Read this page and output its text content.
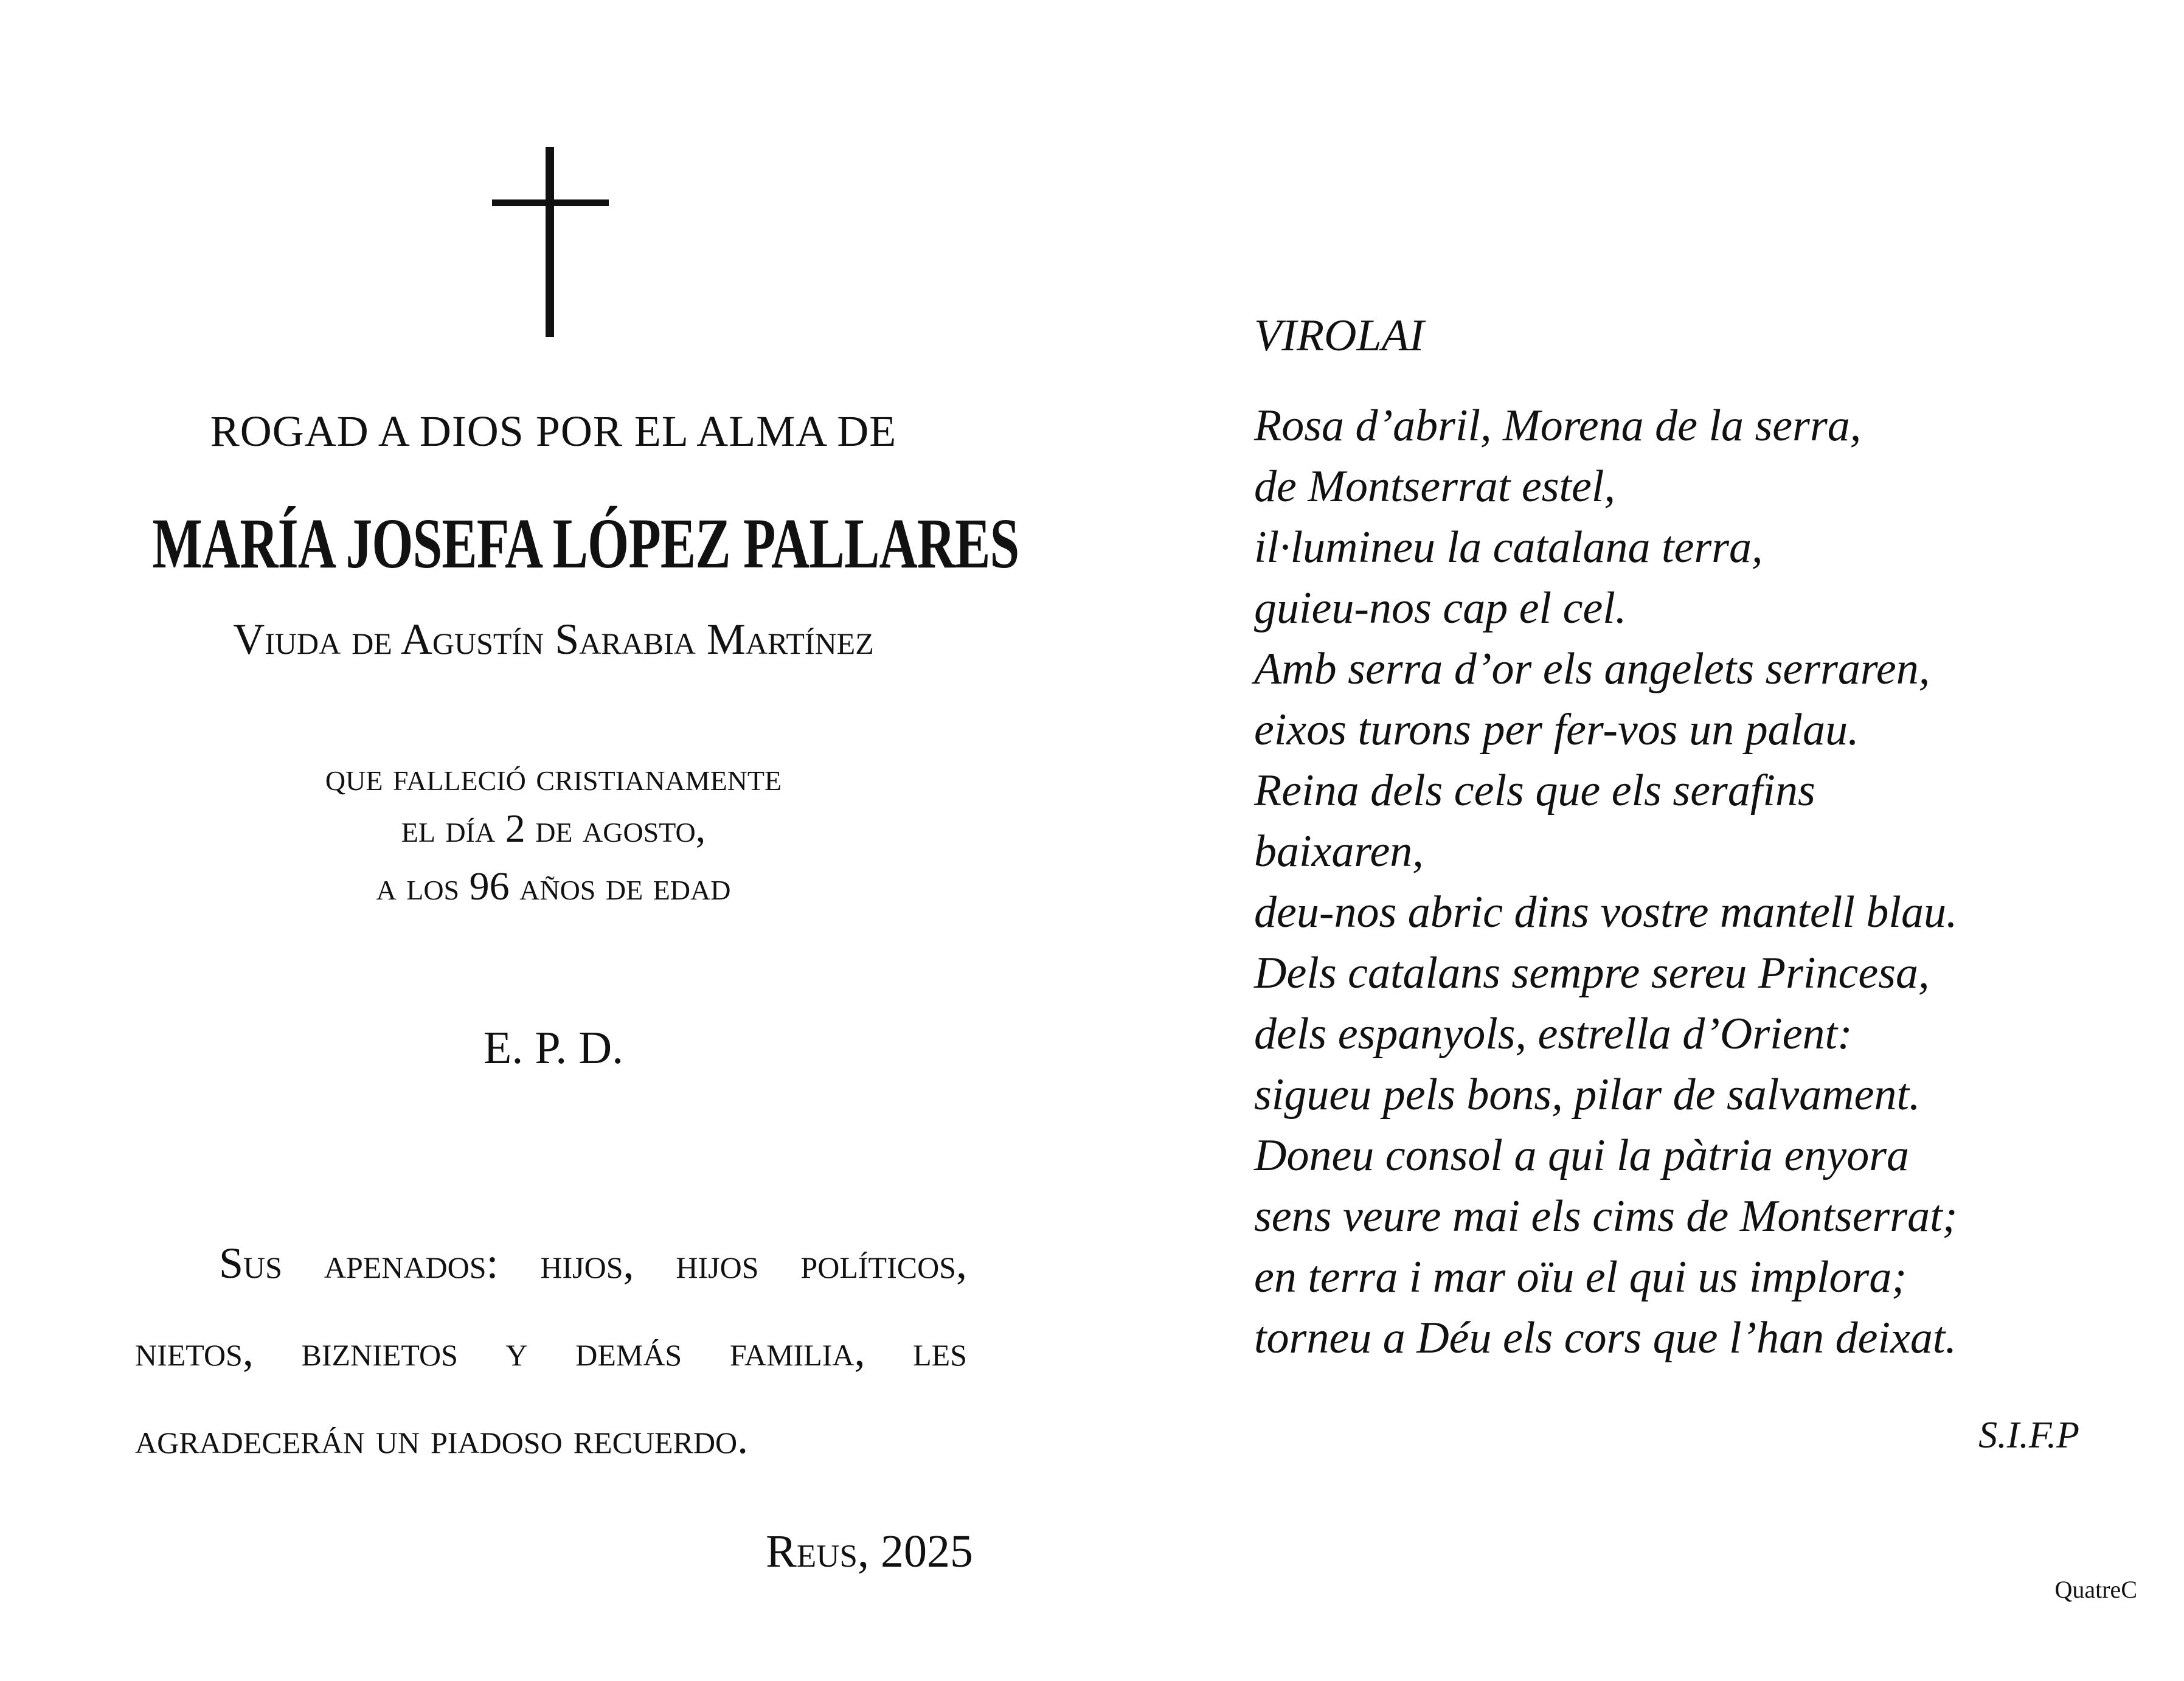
ROGAD A DIOS POR EL ALMA DE
MARÍA JOSEFA LÓPEZ PALLARES
Viuda de Agustín Sarabia Martínez
que falleció cristianamente
el día 2 de agosto,
a los 96 años de edad
E. P. D.

Sus apenados: hijos, hijos políticos, nietos, biznietos y demás familia, les agradecerán un piadoso recuerdo.

Reus, 2025
VIROLAI
Rosa d’abril, Morena de la serra,
de Montserrat estel,
il·lumineu la catalana terra,
guieu-nos cap el cel.
Amb serra d’or els angelets serraren,
eixos turons per fer-vos un palau.
Reina dels cels que els serafins
baixaren,
deu-nos abric dins vostre mantell blau.
Dels catalans sempre sereu Princesa,
dels espanyols, estrella d’Orient:
sigueu pels bons, pilar de salvament.
Doneu consol a qui la pàtria enyora
sens veure mai els cims de Montserrat;
en terra i mar oïu el qui us implora;
torneu a Déu els cors que l’han deixat.
S.I.F.P
QuatreC
